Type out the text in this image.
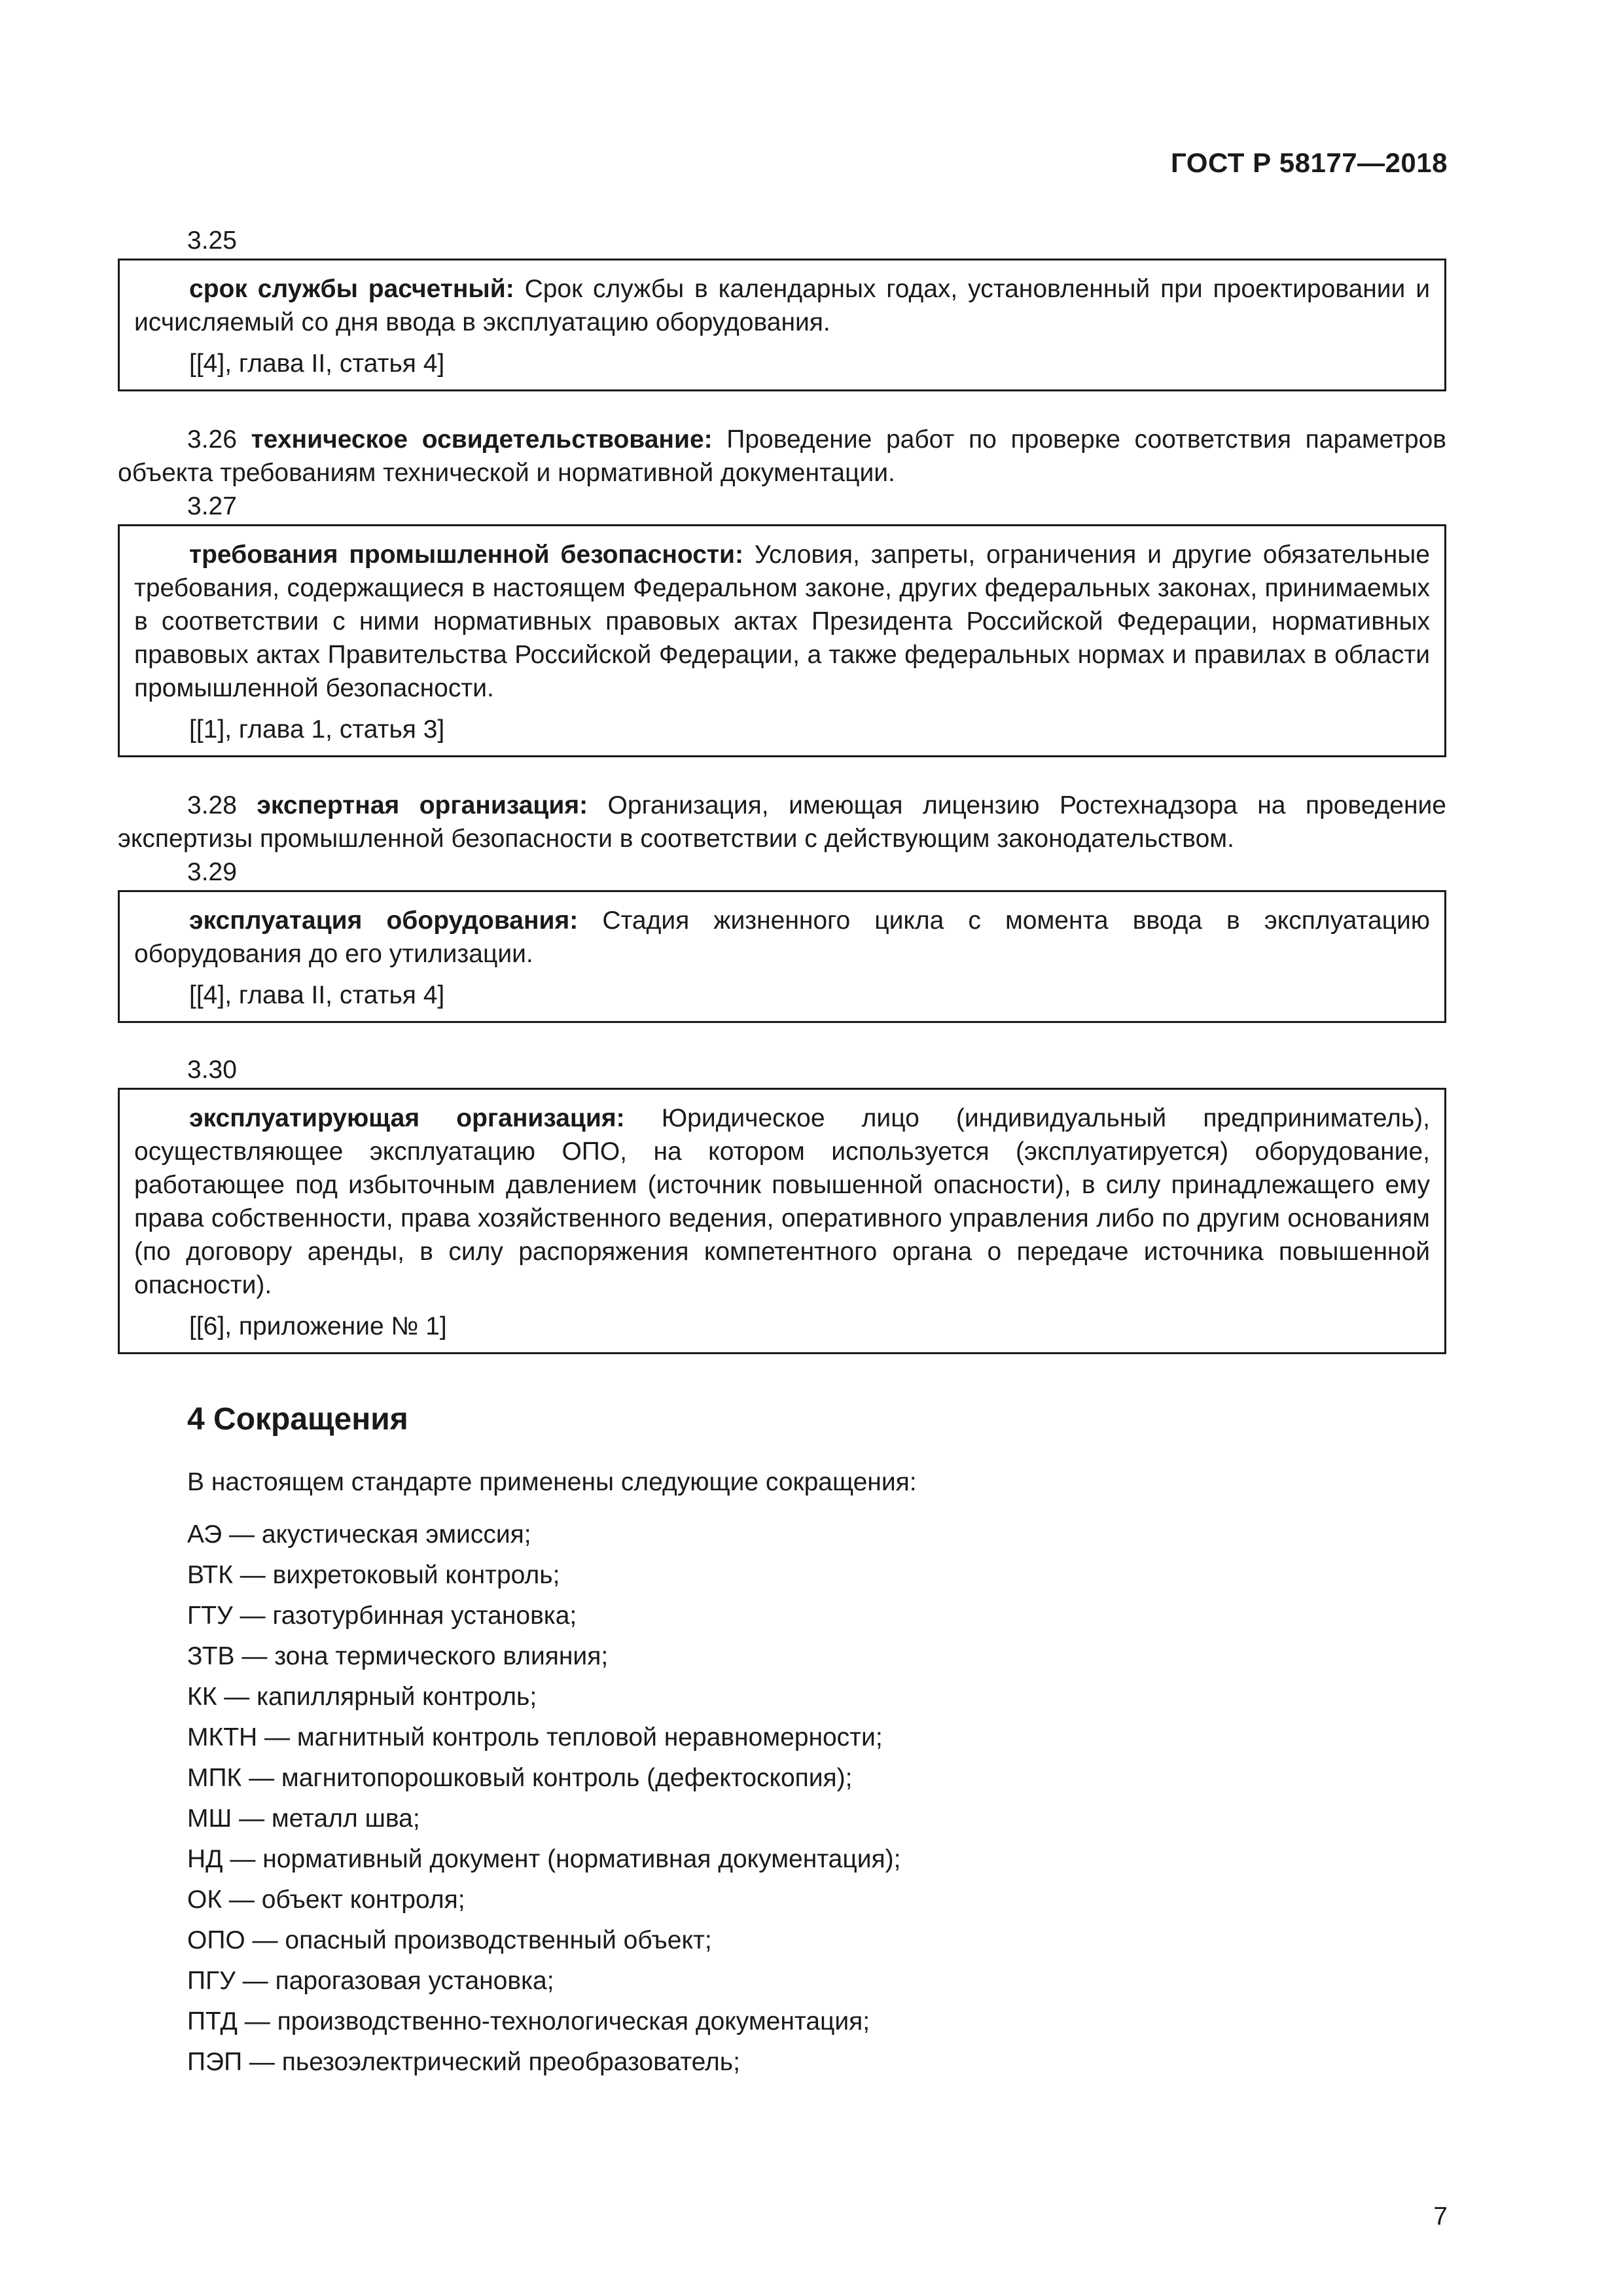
ГОСТ Р 58177—2018

3.25

срок службы расчетный: Срок службы в календарных годах, установленный при проектировании и исчисляемый со дня ввода в эксплуатацию оборудования.

[[4], глава II, статья 4]

3.26 техническое освидетельствование: Проведение работ по проверке соответствия параметров объекта требованиям технической и нормативной документации.

3.27

требования промышленной безопасности: Условия, запреты, ограничения и другие обязательные требования, содержащиеся в настоящем Федеральном законе, других федеральных законах, принимаемых в соответствии с ними нормативных правовых актах Президента Российской Федерации, нормативных правовых актах Правительства Российской Федерации, а также федеральных нормах и правилах в области промышленной безопасности.

[[1], глава 1, статья 3]

3.28 экспертная организация: Организация, имеющая лицензию Ростехнадзора на проведение экспертизы промышленной безопасности в соответствии с действующим законодательством.

3.29

эксплуатация оборудования: Стадия жизненного цикла с момента ввода в эксплуатацию оборудования до его утилизации.

[[4], глава II, статья 4]

3.30

эксплуатирующая организация: Юридическое лицо (индивидуальный предприниматель), осуществляющее эксплуатацию ОПО, на котором используется (эксплуатируется) оборудование, работающее под избыточным давлением (источник повышенной опасности), в силу принадлежащего ему права собственности, права хозяйственного ведения, оперативного управления либо по другим основаниям (по договору аренды, в силу распоряжения компетентного органа о передаче источника повышенной опасности).

[[6], приложение № 1]

4 Сокращения

В настоящем стандарте применены следующие сокращения:

АЭ — акустическая эмиссия;
ВТК — вихретоковый контроль;
ГТУ — газотурбинная установка;
ЗТВ — зона термического влияния;
КК — капиллярный контроль;
МКТН — магнитный контроль тепловой неравномерности;
МПК — магнитопорошковый контроль (дефектоскопия);
МШ — металл шва;
НД — нормативный документ (нормативная документация);
ОК — объект контроля;
ОПО — опасный производственный объект;
ПГУ — парогазовая установка;
ПТД — производственно-технологическая документация;
ПЭП — пьезоэлектрический преобразователь;
7
